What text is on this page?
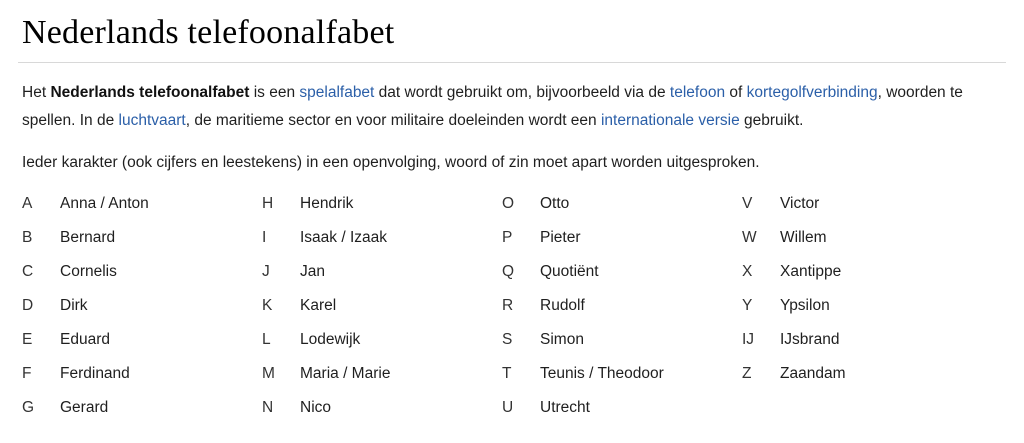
Nederlands telefoonalfabet

Het Nederlands telefoonalfabet is een spelalfabet dat wordt gebruikt om, bijvoorbeeld via de telefoon of kortegolfverbinding, woorden te spellen. In de luchtvaart, de maritieme sector en voor militaire doeleinden wordt een internationale versie gebruikt.

Ieder karakter (ook cijfers en leestekens) in een openvolging, woord of zin moet apart worden uitgesproken.

A	Anna / Anton
B	Bernard
C	Cornelis
D	Dirk
E	Eduard
F	Ferdinand
G	Gerard
H	Hendrik
I	Isaak / Izaak
J	Jan
K	Karel
L	Lodewijk
M	Maria / Marie
N	Nico
O	Otto
P	Pieter
Q	Quotiënt
R	Rudolf
S	Simon
T	Teunis / Theodoor
U	Utrecht
V	Victor
W	Willem
X	Xantippe
Y	Ypsilon
IJ	IJsbrand
Z	Zaandam
